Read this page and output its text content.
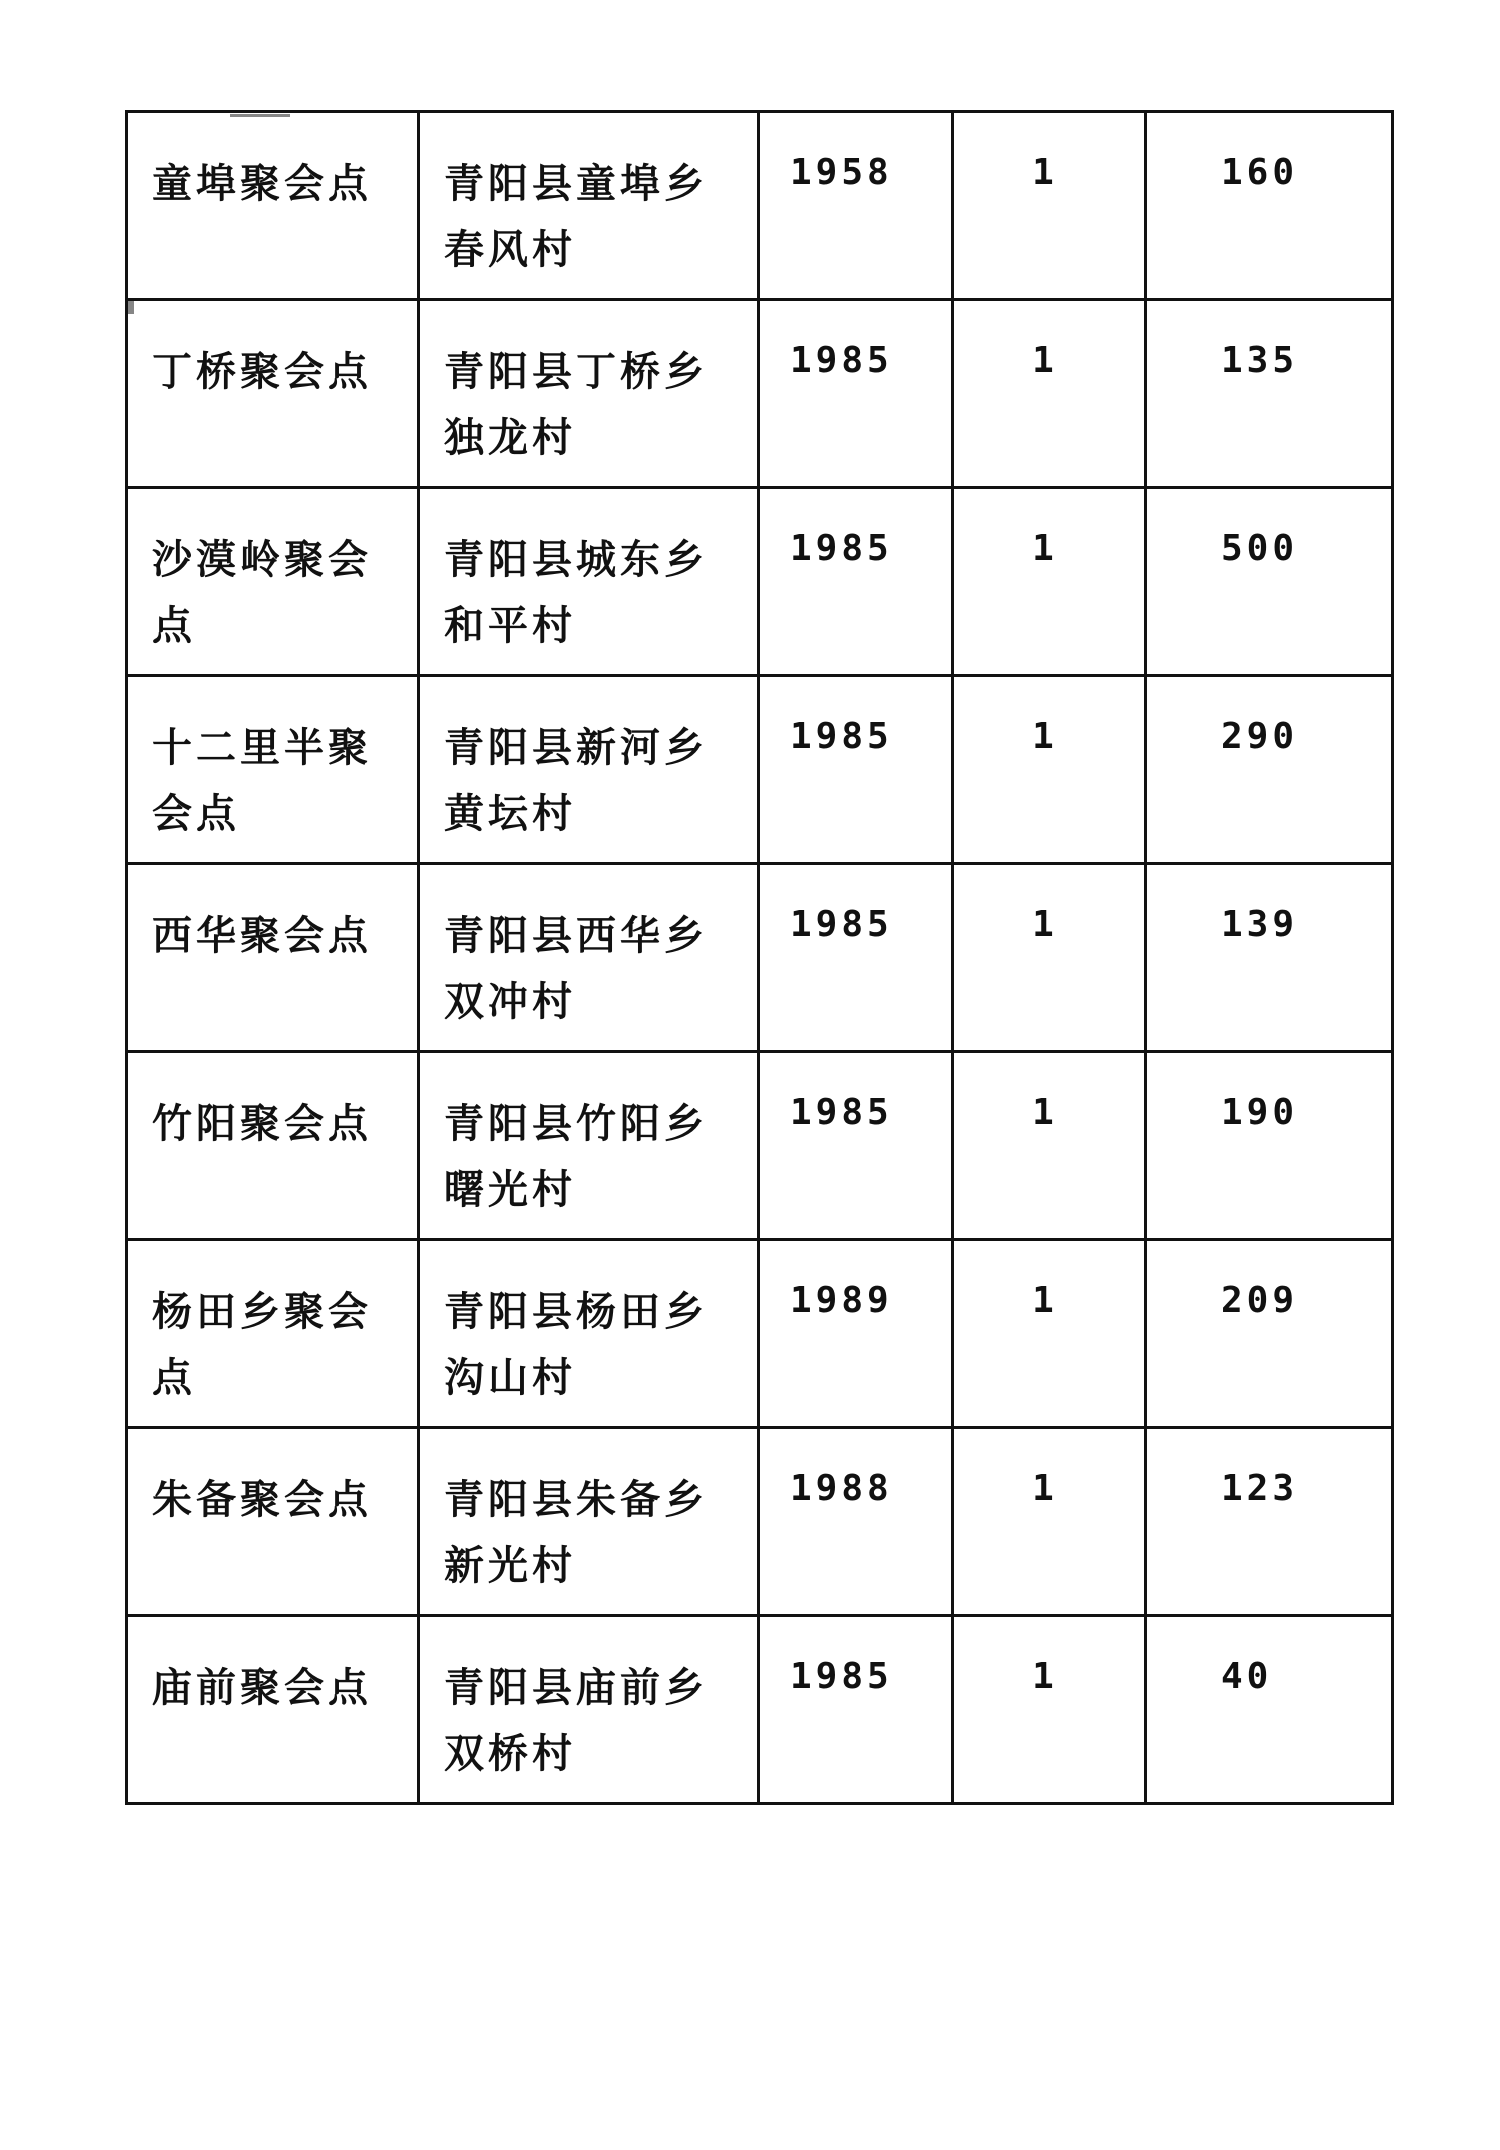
童埠聚会点	青阳县童埠乡春风村	1958	1	160

丁桥聚会点	青阳县丁桥乡独龙村	1985	1	135

沙漠岭聚会点	青阳县城东乡和平村	1985	1	500

十二里半聚会点	青阳县新河乡黄坛村	1985	1	290

西华聚会点	青阳县西华乡双冲村	1985	1	139

竹阳聚会点	青阳县竹阳乡曙光村	1985	1	190

杨田乡聚会点	青阳县杨田乡沟山村	1989	1	209

朱备聚会点	青阳县朱备乡新光村	1988	1	123

庙前聚会点	青阳县庙前乡双桥村	1985	1	40
